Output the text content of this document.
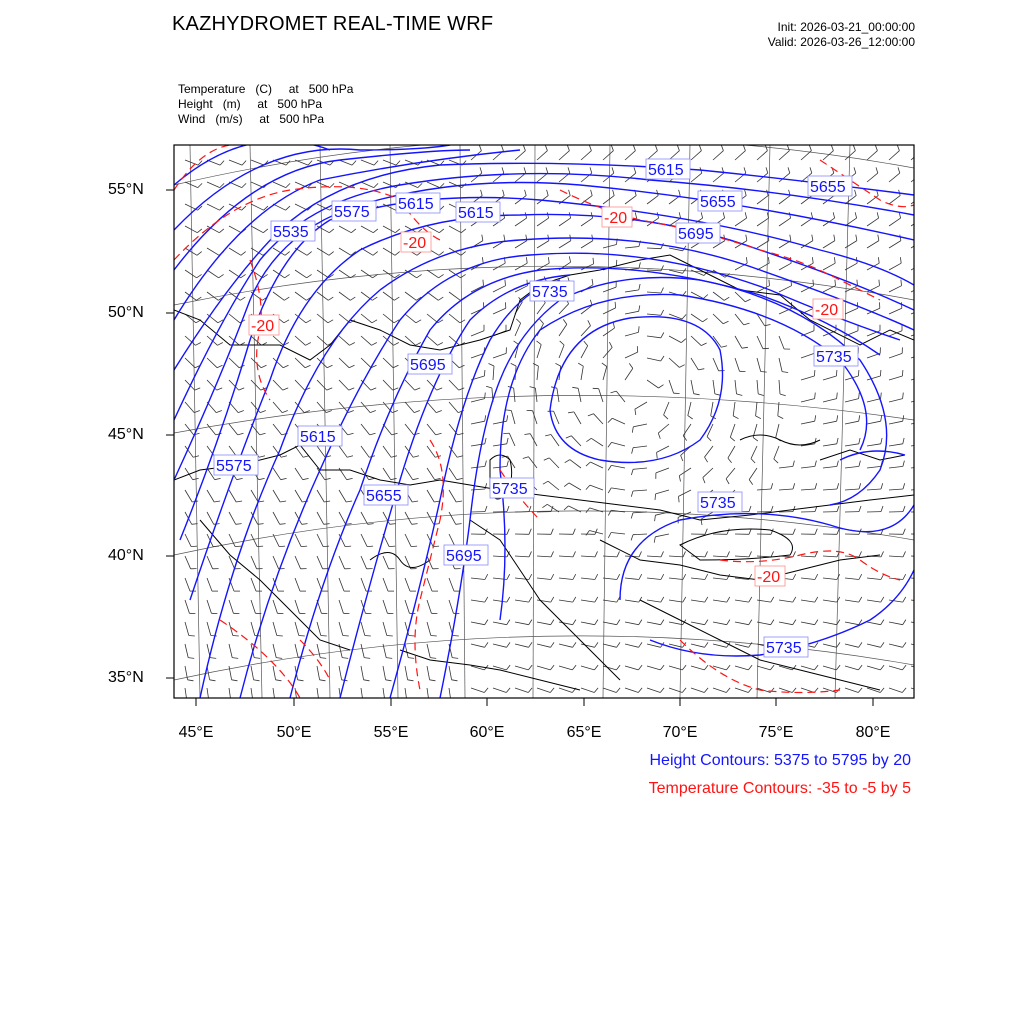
KAZHYDROMET REAL-TIME WRF	Init: 2026-03-21_00:00:00
Valid: 2026-03-26_12:00:00
Temperature   (C)     at   500 hPa
Height   (m)     at   500 hPa
Wind   (m/s)     at   500 hPa
5615
5655
5615
5575
5615
5655
5535	5695
5735
5735
5695
5615
5575
5655	5735
5735
5695
5735
-20
-20
-20
-20
-20
55°N
50°N
45°N
40°N
35°N
45°E	50°E	55°E	60°E	65°E	70°E	75°E	80°E
Height Contours: 5375 to 5795 by 20
Temperature Contours: -35 to -5 by 5
